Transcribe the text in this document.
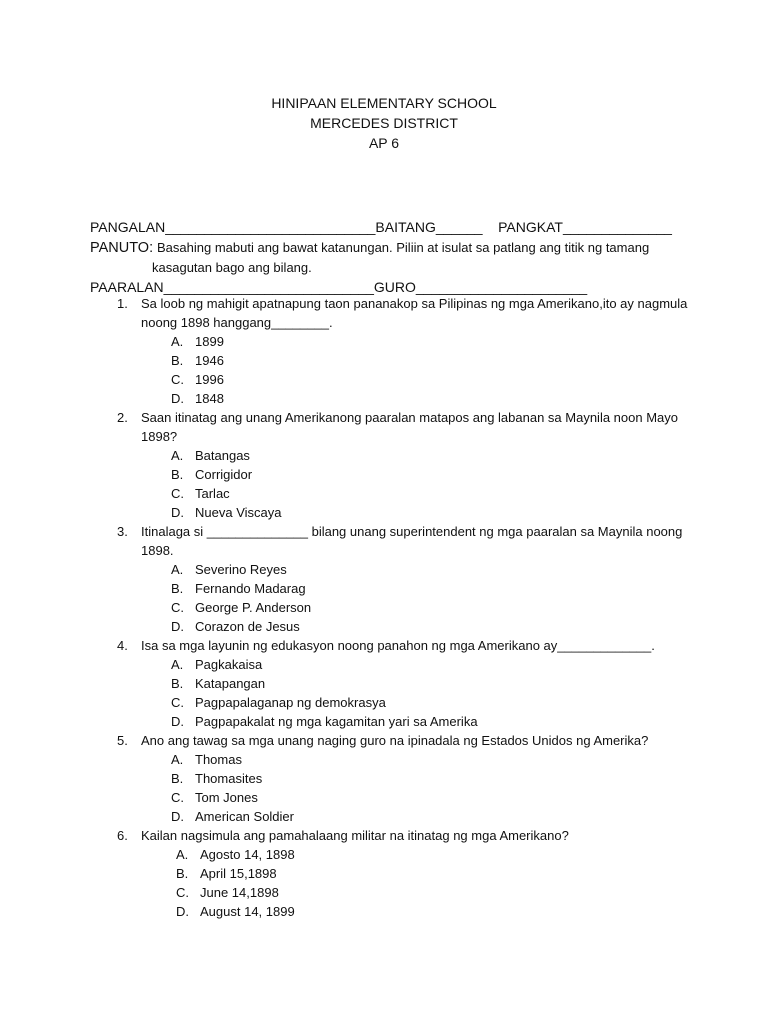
HINIPAAN ELEMENTARY SCHOOL
MERCEDES DISTRICT
AP 6

PANGALAN___________________________BAITANG______    PANGKAT______________

PAARALAN___________________________GURO______________________

PANUTO: Basahing mabuti ang bawat katanungan. Piliin at isulat sa patlang ang titik ng tamang
kasagutan bago ang bilang.
1. Sa loob ng mahigit apatnapung taon pananakop sa Pilipinas ng mga Amerikano,ito ay nagmula noong 1898 hanggang________.
A. 1899
B. 1946
C. 1996
D. 1848
2. Saan itinatag ang unang Amerikanong paaralan matapos ang labanan sa Maynila noon Mayo 1898?
A. Batangas
B. Corrigidor
C. Tarlac
D. Nueva Viscaya
3. Itinalaga si ______________ bilang unang superintendent ng mga paaralan sa Maynila noong 1898.
A. Severino Reyes
B. Fernando Madarag
C. George P. Anderson
D. Corazon de Jesus
4. Isa sa mga layunin ng edukasyon noong panahon ng mga Amerikano ay_____________.
A. Pagkakaisa
B. Katapangan
C. Pagpapalaganap ng demokrasya
D. Pagpapakalat ng mga kagamitan yari sa Amerika
5. Ano ang tawag sa mga unang naging guro na ipinadala ng Estados Unidos ng Amerika?
A. Thomas
B. Thomasites
C. Tom Jones
D. American Soldier
6. Kailan nagsimula ang pamahalaang militar na itinatag ng mga Amerikano?
A. Agosto 14, 1898
B. April 15,1898
C. June 14,1898
D. August 14, 1899
